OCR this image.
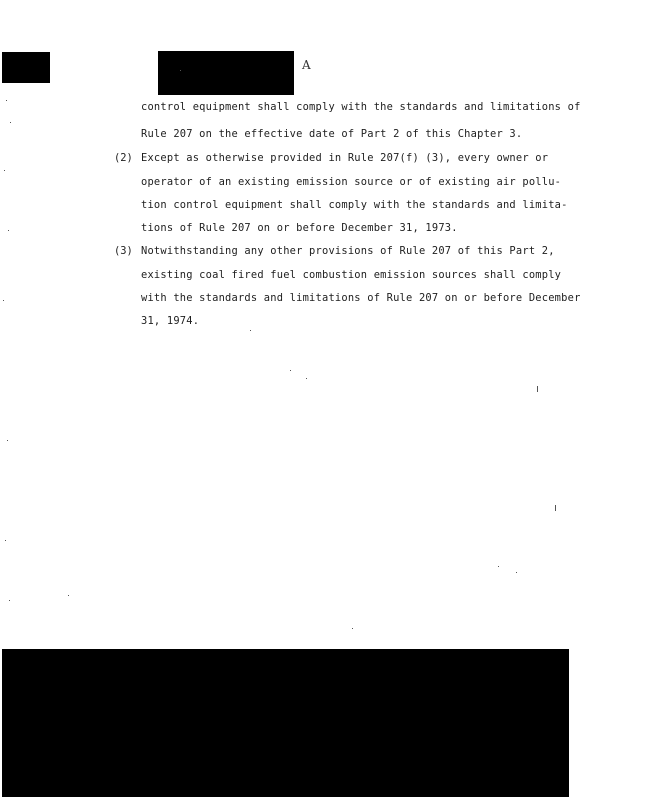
A
control equipment shall comply with the standards and limitations of
Rule 207 on the effective date of Part 2 of this Chapter 3.
(2) Except as otherwise provided in Rule 207(f) (3), every owner or
operator of an existing emission source or of existing air pollu-
tion control equipment shall comply with the standards and limita-
tions of Rule 207 on or before December 31, 1973.
(3) Notwithstanding any other provisions of Rule 207 of this Part 2,
existing coal fired fuel combustion emission sources shall comply
with the standards and limitations of Rule 207 on or before December
31, 1974.
